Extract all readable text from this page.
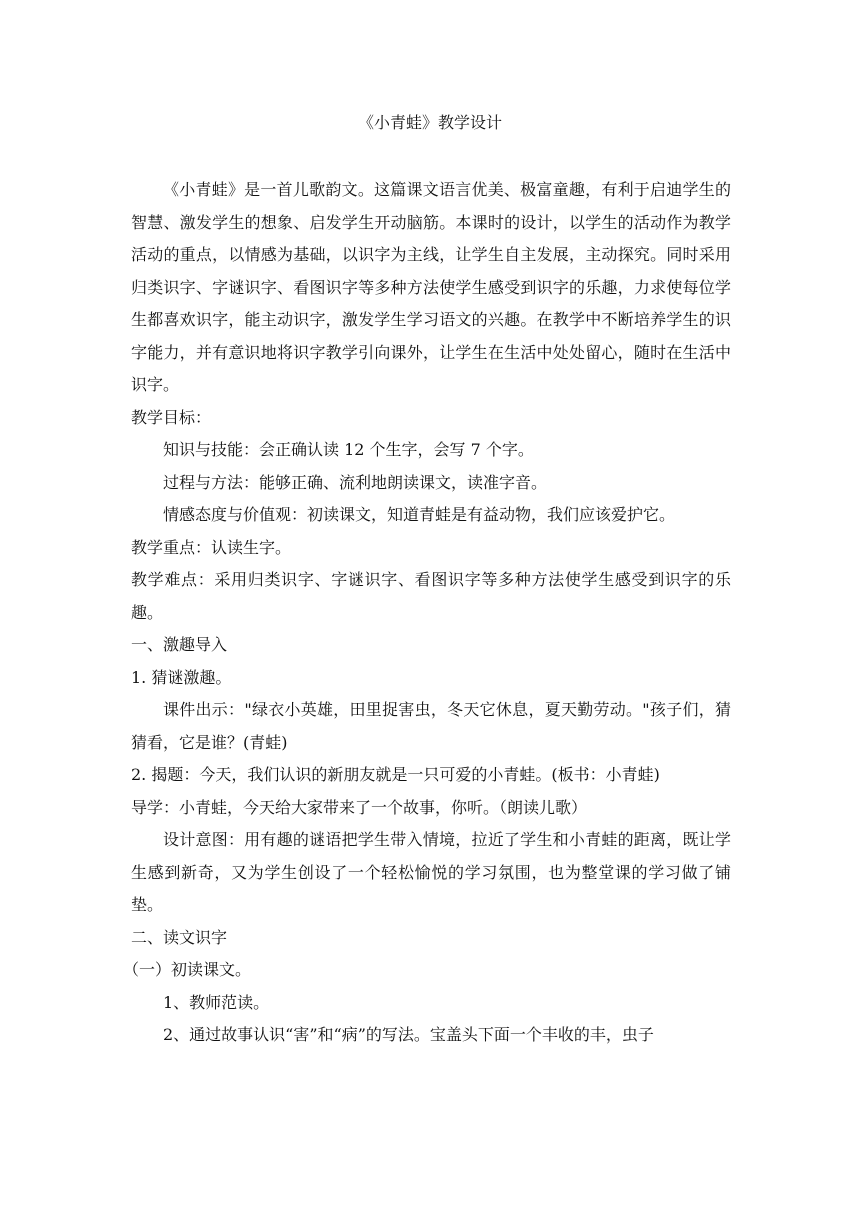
《小青蛙》教学设计

《小青蛙》是一首儿歌韵文。这篇课文语言优美、极富童趣，有利于启迪学生的智慧、激发学生的想象、启发学生开动脑筋。本课时的设计，以学生的活动作为教学活动的重点，以情感为基础，以识字为主线，让学生自主发展，主动探究。同时采用归类识字、字谜识字、看图识字等多种方法使学生感受到识字的乐趣，力求使每位学生都喜欢识字，能主动识字，激发学生学习语文的兴趣。在教学中不断培养学生的识字能力，并有意识地将识字教学引向课外，让学生在生活中处处留心，随时在生活中识字。

教学目标：

知识与技能：会正确认读 12 个生字，会写 7 个字。

过程与方法：能够正确、流利地朗读课文，读准字音。

情感态度与价值观：初读课文，知道青蛙是有益动物，我们应该爱护它。

教学重点：认读生字。

教学难点：采用归类识字、字谜识字、看图识字等多种方法使学生感受到识字的乐趣。

一、激趣导入

1. 猜谜激趣。

课件出示："绿衣小英雄，田里捉害虫，冬天它休息，夏天勤劳动。"孩子们，猜猜看，它是谁？(青蛙)

2. 揭题：今天，我们认识的新朋友就是一只可爱的小青蛙。(板书：小青蛙)

导学：小青蛙，今天给大家带来了一个故事，你听。（朗读儿歌）

设计意图：用有趣的谜语把学生带入情境，拉近了学生和小青蛙的距离，既让学生感到新奇，又为学生创设了一个轻松愉悦的学习氛围，也为整堂课的学习做了铺垫。

二、读文识字

（一）初读课文。

1、教师范读。

2、通过故事认识“害”和“病”的写法。宝盖头下面一个丰收的丰，虫子
